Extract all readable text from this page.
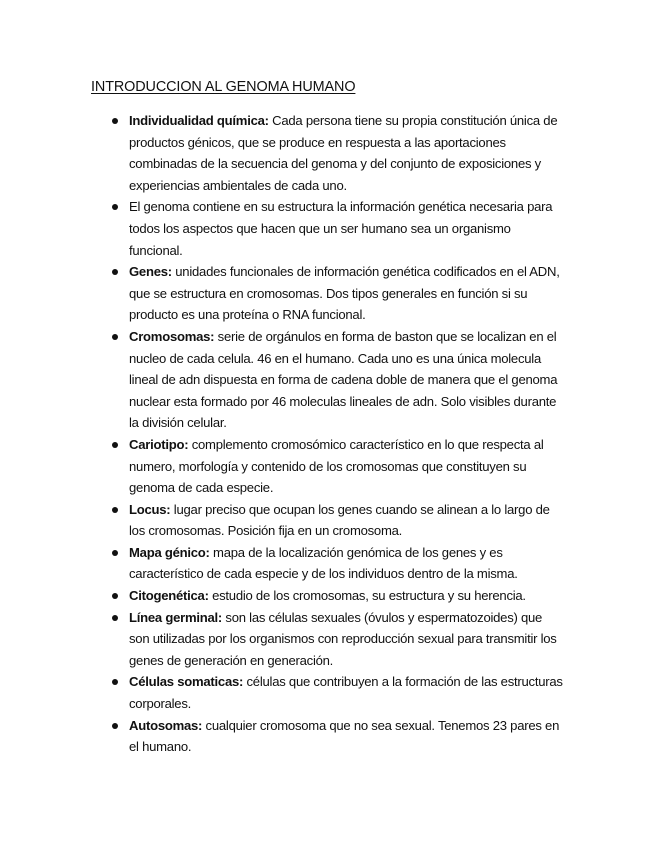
INTRODUCCION AL GENOMA HUMANO
Individualidad química: Cada persona tiene su propia constitución única de productos génicos, que se produce en respuesta a las aportaciones combinadas de la secuencia del genoma y del conjunto de exposiciones y experiencias ambientales de cada uno.
El genoma contiene en su estructura la información genética necesaria para todos los aspectos que hacen que un ser humano sea un organismo funcional.
Genes: unidades funcionales de información genética codificados en el ADN, que se estructura en cromosomas. Dos tipos generales en función si su producto es una proteína o RNA funcional.
Cromosomas: serie de orgánulos en forma de baston que se localizan en el nucleo de cada celula. 46 en el humano. Cada uno es una única molecula lineal de adn dispuesta en forma de cadena doble de manera que el genoma nuclear esta formado por 46 moleculas lineales de adn. Solo visibles durante la división celular.
Cariotipo: complemento cromosómico característico en lo que respecta al numero, morfología y contenido de los cromosomas que constituyen su genoma de cada especie.
Locus: lugar preciso que ocupan los genes cuando se alinean a lo largo de los cromosomas. Posición fija en un cromosoma.
Mapa génico: mapa de la localización genómica de los genes y es característico de cada especie y de los individuos dentro de la misma.
Citogenética: estudio de los cromosomas, su estructura y su herencia.
Línea germinal: son las células sexuales (óvulos y espermatozoides) que son utilizadas por los organismos con reproducción sexual para transmitir los genes de generación en generación.
Células somaticas: células que contribuyen a la formación de las estructuras corporales.
Autosomas: cualquier cromosoma que no sea sexual. Tenemos 23 pares en el humano.
